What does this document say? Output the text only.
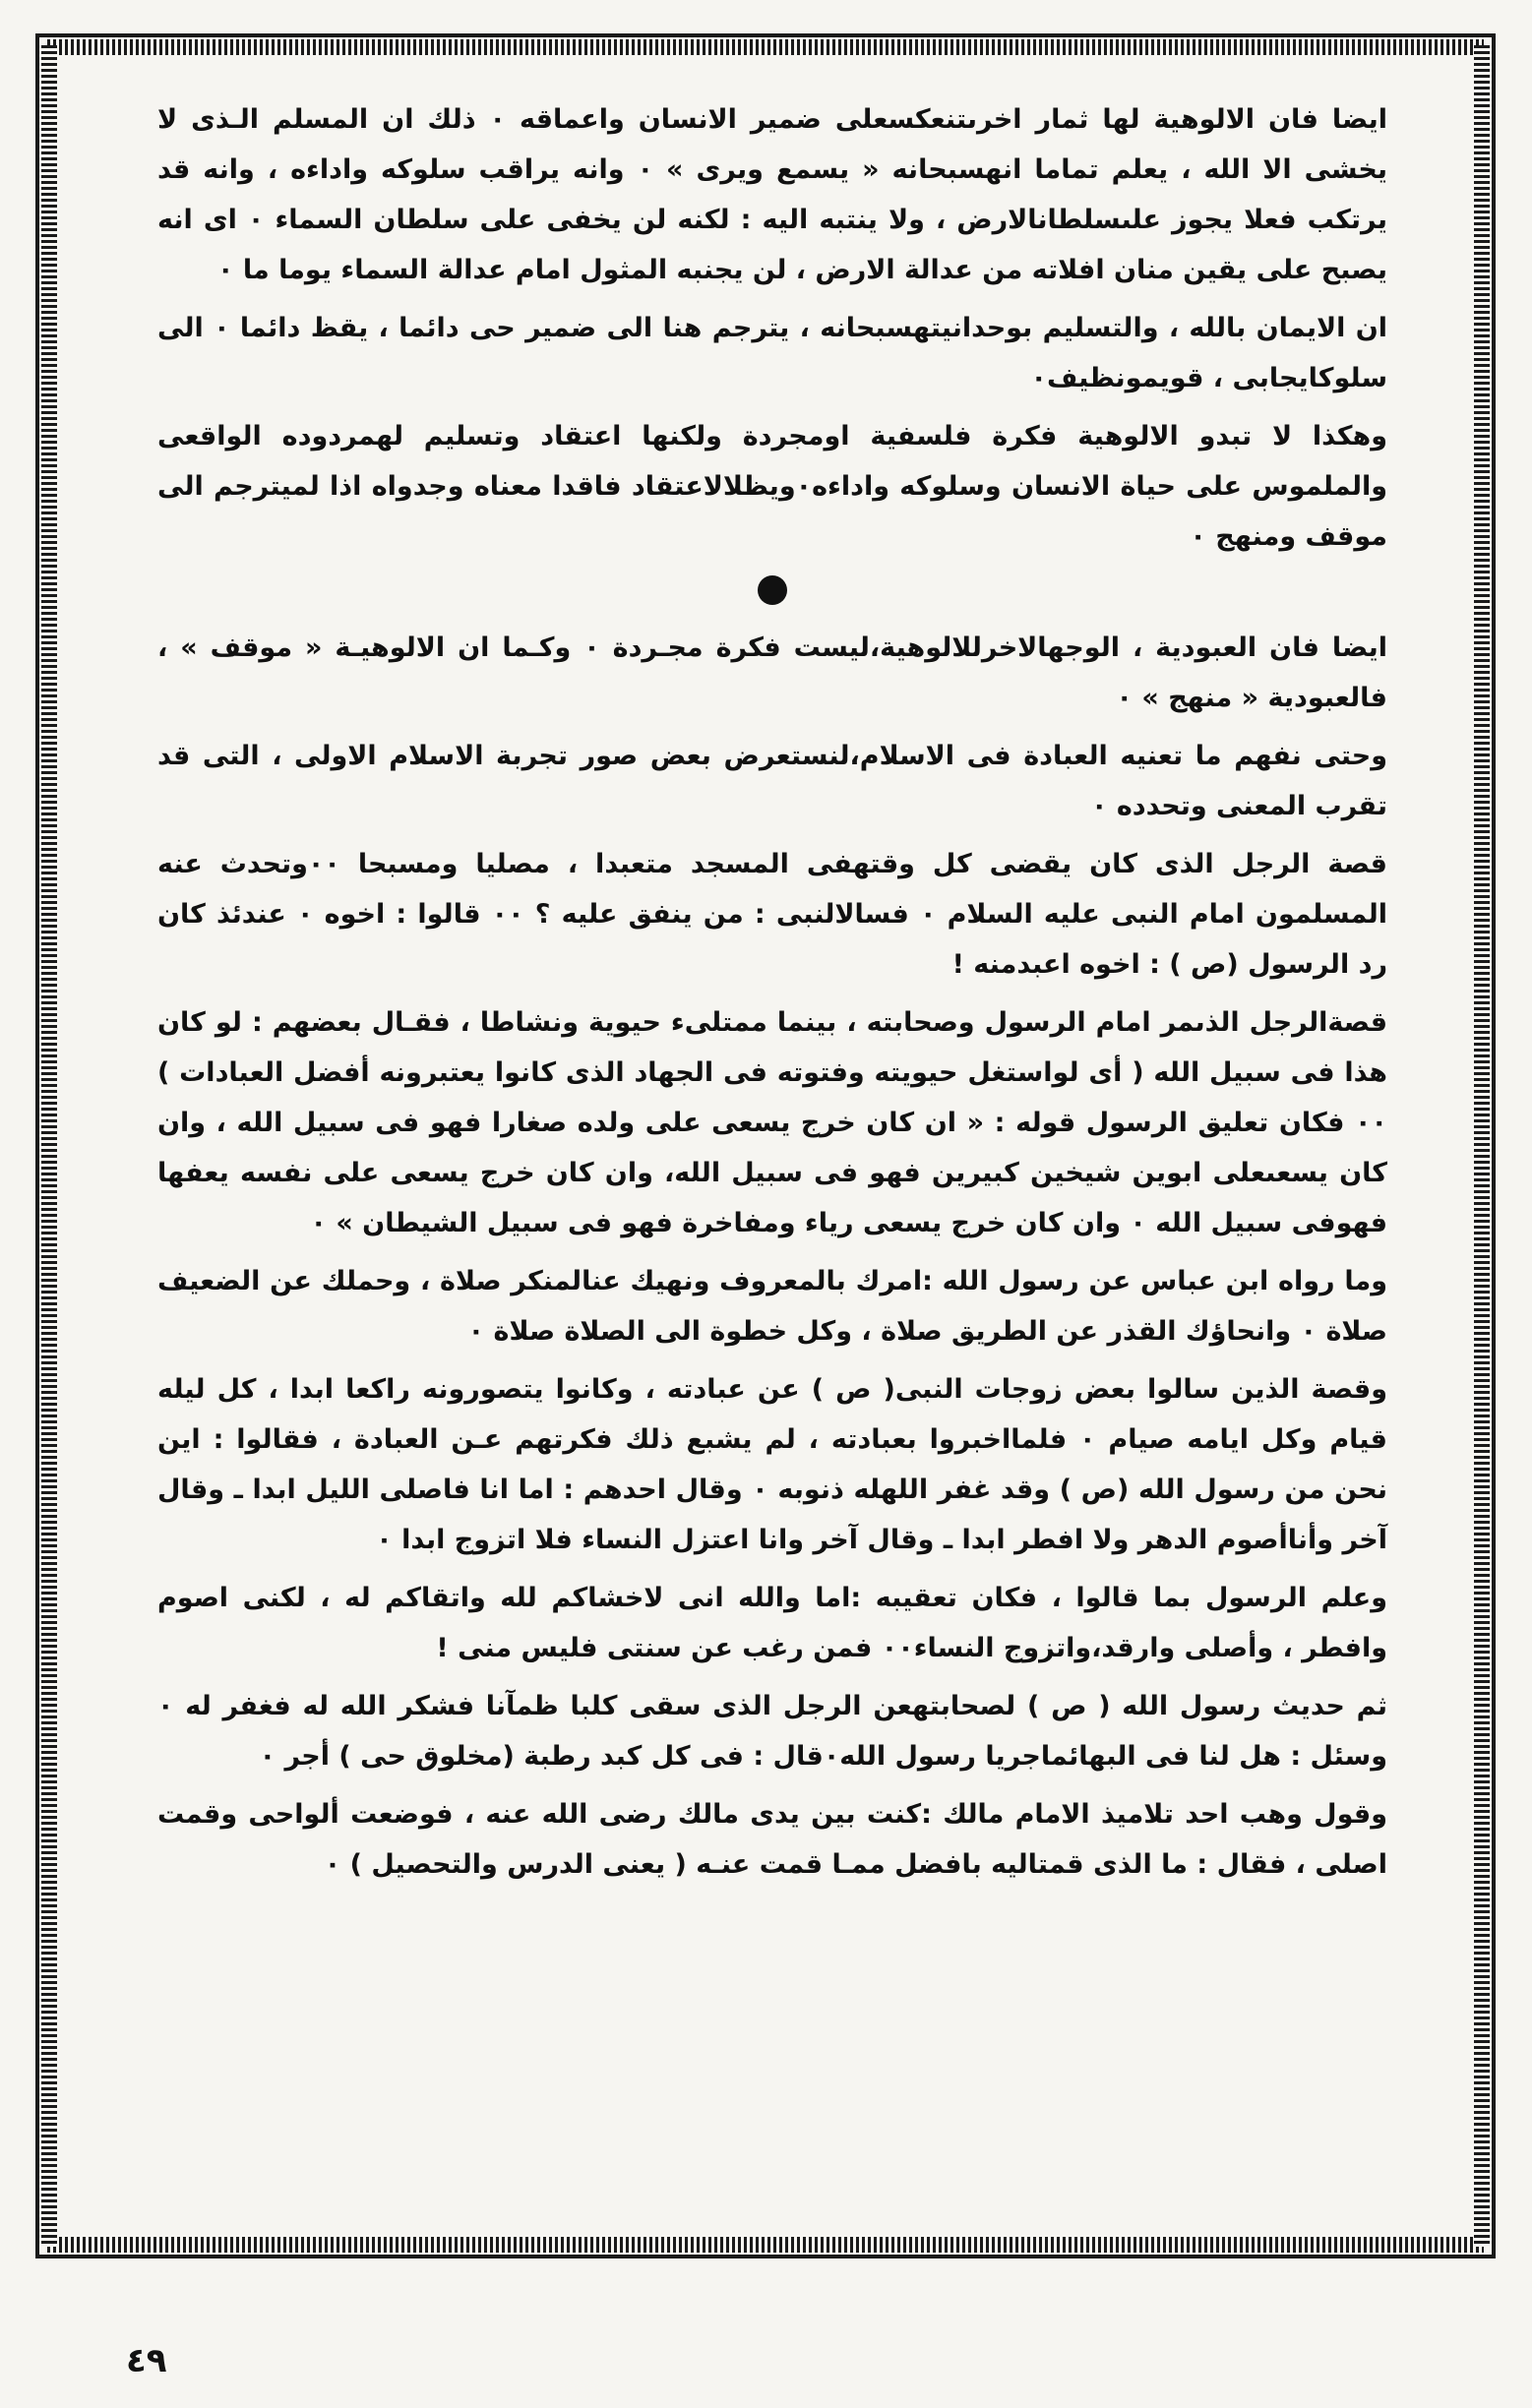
ايضا فان الالوهية لها ثمار اخرىتنعكسعلى ضمير الانسان واعماقه ٠ ذلك ان المسلم الـذى لا يخشى الا الله ، يعلم تماما انهسبحانه « يسمع ويرى » ٠ وانه يراقب سلوكه واداءه ، وانه قد يرتكب فعلا يجوز علىسلطانالارض ، ولا ينتبه اليه : لكنه لن يخفى على سلطان السماء ٠ اى انه يصبح على يقين منان افلاته من عدالة الارض ، لن يجنبه المثول امام عدالة السماء يوما ما ٠

ان الايمان بالله ، والتسليم بوحدانيتهسبحانه ، يترجم هنا الى ضمير حى دائما ، يقظ دائما ٠ الى سلوكايجابى ، قويمونظيف٠

وهكذا لا تبدو الالوهية فكرة فلسفية اومجردة ولكنها اعتقاد وتسليم لهمردوده الواقعى والملموس على حياة الانسان وسلوكه واداءه٠ويظلالاعتقاد فاقدا معناه وجدواه اذا لميترجم الى موقف ومنهج ٠

ايضا فان العبودية ، الوجهالاخرللالوهية،ليست فكرة مجـردة ٠ وكـما ان الالوهيـة « موقف » ، فالعبودية « منهج » ٠

وحتى نفهم ما تعنيه العبادة فى الاسلام،لنستعرض بعض صور تجربة الاسلام الاولى ، التى قد تقرب المعنى وتحدده ٠

قصة الرجل الذى كان يقضى كل وقتهفى المسجد متعبدا ، مصليا ومسبحا ٠٠وتحدث عنه المسلمون امام النبى عليه السلام ٠ فسالالنبى : من ينفق عليه ؟ ٠٠ قالوا : اخوه ٠ عندئذ كان رد الرسول (ص ) : اخوه اعبدمنه !

قصةالرجل الذىمر امام الرسول وصحابته ، بينما ممتلىء حيوية ونشاطا ، فقـال بعضهم : لو كان هذا فى سبيل الله ( أى لواستغل حيويته وفتوته فى الجهاد الذى كانوا يعتبرونه أفضل العبادات ) ٠٠ فكان تعليق الرسول قوله : « ان كان خرج يسعى على ولده صغارا فهو فى سبيل الله ، وان كان يسعىعلى ابوين شيخين كبيرين فهو فى سبيل الله، وان كان خرج يسعى على نفسه يعفها فهوفى سبيل الله ٠ وان كان خرج يسعى رياء ومفاخرة فهو فى سبيل الشيطان » ٠

وما رواه ابن عباس عن رسول الله :امرك بالمعروف ونهيك عنالمنكر صلاة ، وحملك عن الضعيف صلاة ٠ وانحاؤك القذر عن الطريق صلاة ، وكل خطوة الى الصلاة صلاة ٠

وقصة الذين سالوا بعض زوجات النبى( ص ) عن عبادته ، وكانوا يتصورونه راكعا ابدا ، كل ليله قيام وكل ايامه صيام ٠ فلمااخبروا بعبادته ، لم يشبع ذلك فكرتهم عـن العبادة ، فقالوا : اين نحن من رسول الله (ص ) وقد غفر اللهله ذنوبه ٠ وقال احدهم : اما انا فاصلى الليل ابدا ـ وقال آخر وأناأصوم الدهر ولا افطر ابدا ـ وقال آخر وانا اعتزل النساء فلا اتزوج ابدا ٠

وعلم الرسول بما قالوا ، فكان تعقيبه :اما والله انى لاخشاكم لله واتقاكم له ، لكنى اصوم وافطر ، وأصلى وارقد،واتزوج النساء٠٠ فمن رغب عن سنتى فليس منى !

ثم حديث رسول الله ( ص ) لصحابتهعن الرجل الذى سقى كلبا ظمآنا فشكر الله له فغفر له ٠ وسئل : هل لنا فى البهائماجريا رسول الله٠قال : فى كل كبد رطبة (مخلوق حى ) أجر ٠

وقول وهب احد تلاميذ الامام مالك :كنت بين يدى مالك رضى الله عنه ، فوضعت ألواحى وقمت اصلى ، فقال : ما الذى قمتاليه بافضل ممـا قمت عنـه ( يعنى الدرس والتحصيل ) ٠

٤٩
